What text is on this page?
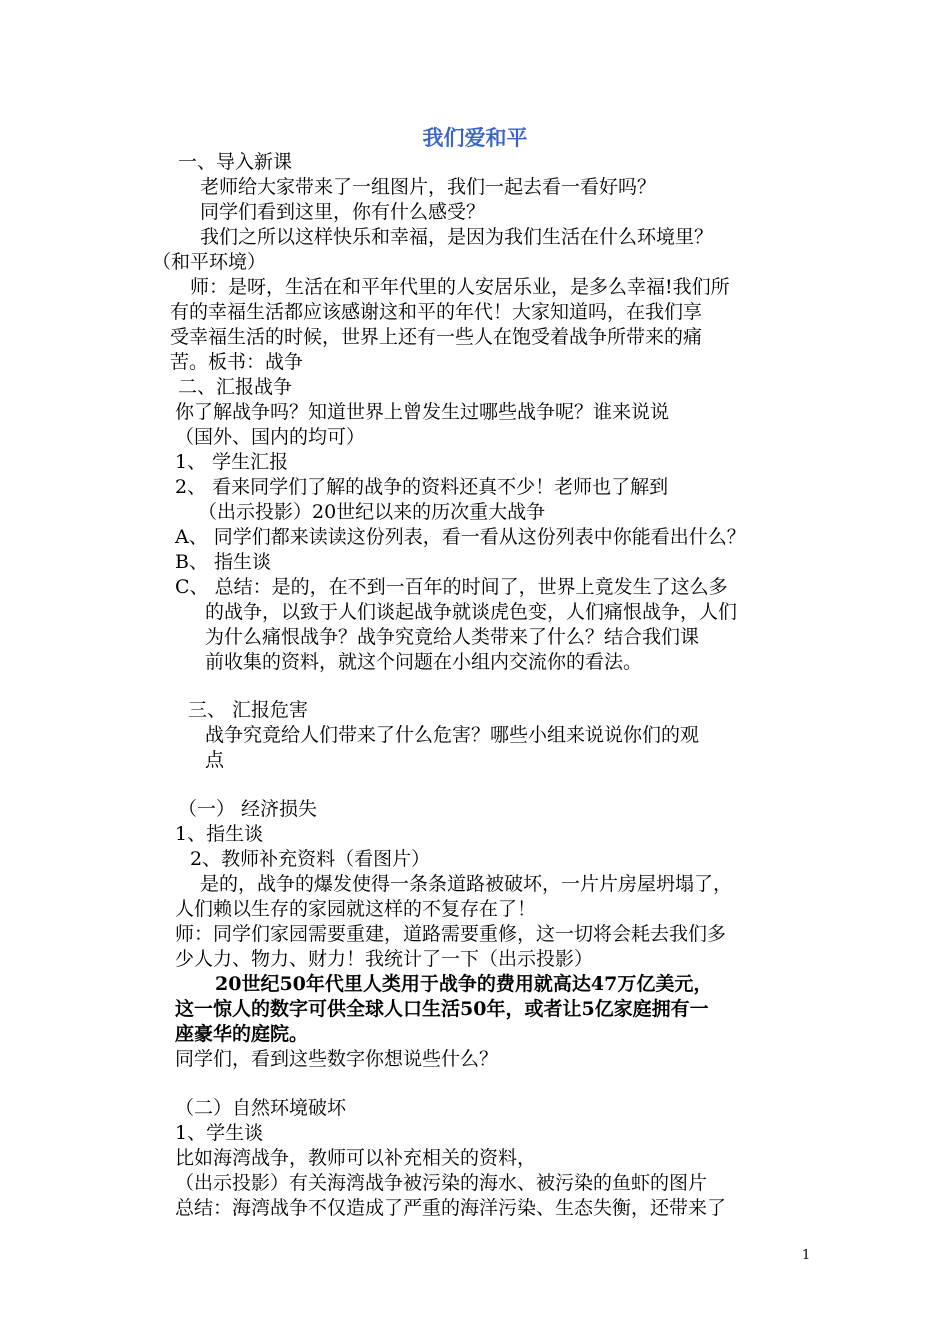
我们爱和平
一、导入新课
老师给大家带来了一组图片，我们一起去看一看好吗？
同学们看到这里，你有什么感受？
我们之所以这样快乐和幸福，是因为我们生活在什么环境里？
（和平环境）
师：是呀，生活在和平年代里的人安居乐业，是多么幸福!我们所
有的幸福生活都应该感谢这和平的年代！大家知道吗，在我们享
受幸福生活的时候，世界上还有一些人在饱受着战争所带来的痛
苦。板书：战争
二、汇报战争
你了解战争吗？知道世界上曾发生过哪些战争呢？谁来说说
（国外、国内的均可）
1、 学生汇报
2、 看来同学们了解的战争的资料还真不少！老师也了解到
（出示投影）20世纪以来的历次重大战争
A、 同学们都来读读这份列表，看一看从这份列表中你能看出什么？
B、 指生谈
C、 总结：是的，在不到一百年的时间了，世界上竟发生了这么多
的战争，以致于人们谈起战争就谈虎色变，人们痛恨战争，人们
为什么痛恨战争？战争究竟给人类带来了什么？结合我们课
前收集的资料，就这个问题在小组内交流你的看法。
三、 汇报危害
战争究竟给人们带来了什么危害？哪些小组来说说你们的观
点
（一） 经济损失
1、指生谈
2、教师补充资料（看图片）
是的，战争的爆发使得一条条道路被破坏，一片片房屋坍塌了，
人们赖以生存的家园就这样的不复存在了！
师：同学们家园需要重建，道路需要重修，这一切将会耗去我们多
少人力、物力、财力！我统计了一下（出示投影）
20世纪50年代里人类用于战争的费用就高达47万亿美元，
这一惊人的数字可供全球人口生活50年，或者让5亿家庭拥有一
座豪华的庭院。
同学们，看到这些数字你想说些什么？
（二）自然环境破坏
1、学生谈
比如海湾战争，教师可以补充相关的资料，
（出示投影）有关海湾战争被污染的海水、被污染的鱼虾的图片
总结：海湾战争不仅造成了严重的海洋污染、生态失衡，还带来了
1
